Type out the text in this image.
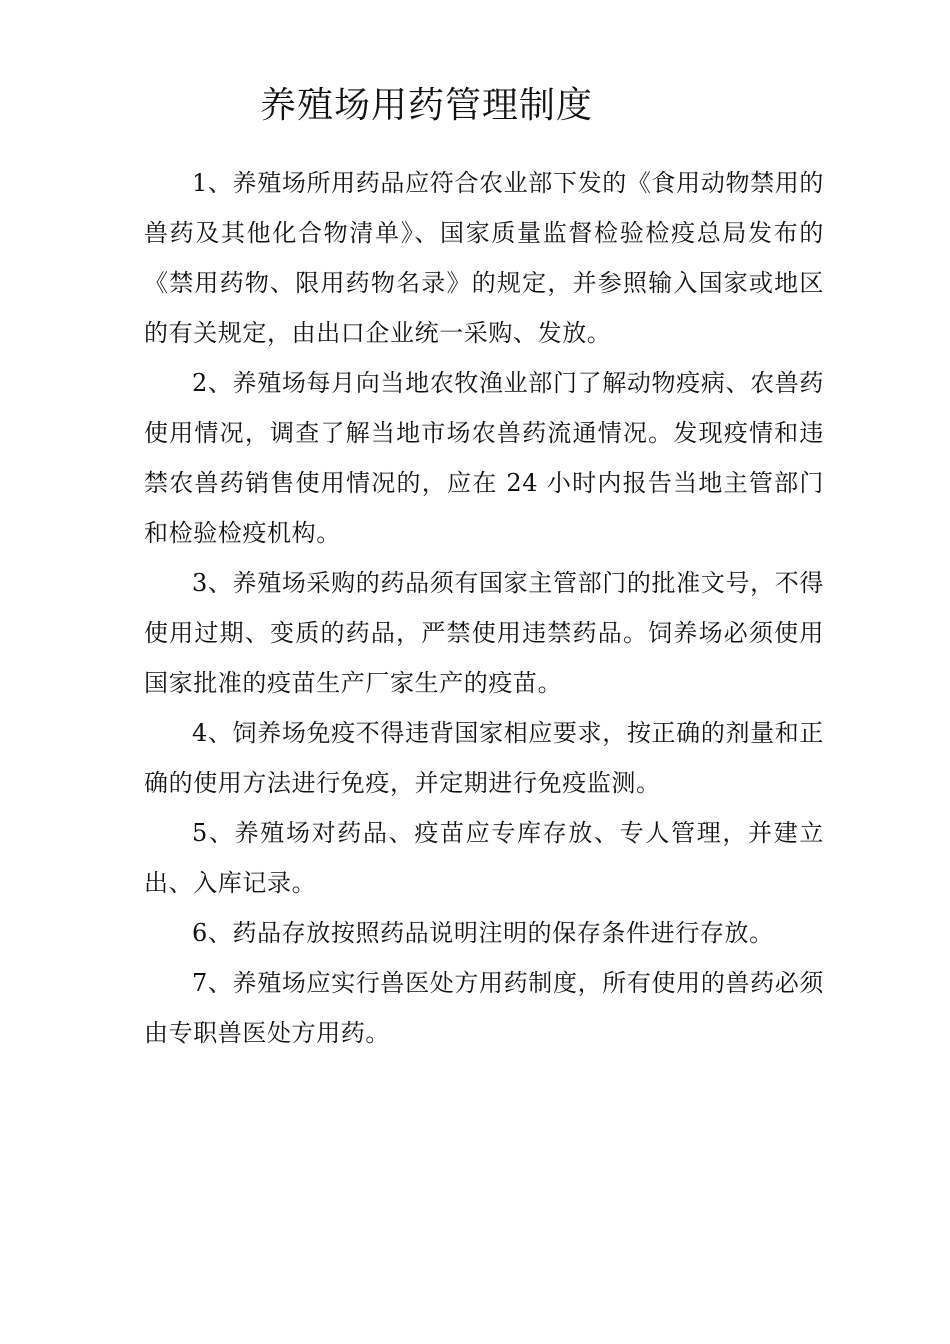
养殖场用药管理制度

1、养殖场所用药品应符合农业部下发的《食用动物禁用的兽药及其他化合物清单》、国家质量监督检验检疫总局发布的《禁用药物、限用药物名录》的规定，并参照输入国家或地区的有关规定，由出口企业统一采购、发放。

2、养殖场每月向当地农牧渔业部门了解动物疫病、农兽药使用情况，调查了解当地市场农兽药流通情况。发现疫情和违禁农兽药销售使用情况的，应在 24 小时内报告当地主管部门和检验检疫机构。

3、养殖场采购的药品须有国家主管部门的批准文号，不得使用过期、变质的药品，严禁使用违禁药品。饲养场必须使用国家批准的疫苗生产厂家生产的疫苗。

4、饲养场免疫不得违背国家相应要求，按正确的剂量和正确的使用方法进行免疫，并定期进行免疫监测。

5、养殖场对药品、疫苗应专库存放、专人管理，并建立出、入库记录。

6、药品存放按照药品说明注明的保存条件进行存放。

7、养殖场应实行兽医处方用药制度，所有使用的兽药必须由专职兽医处方用药。
